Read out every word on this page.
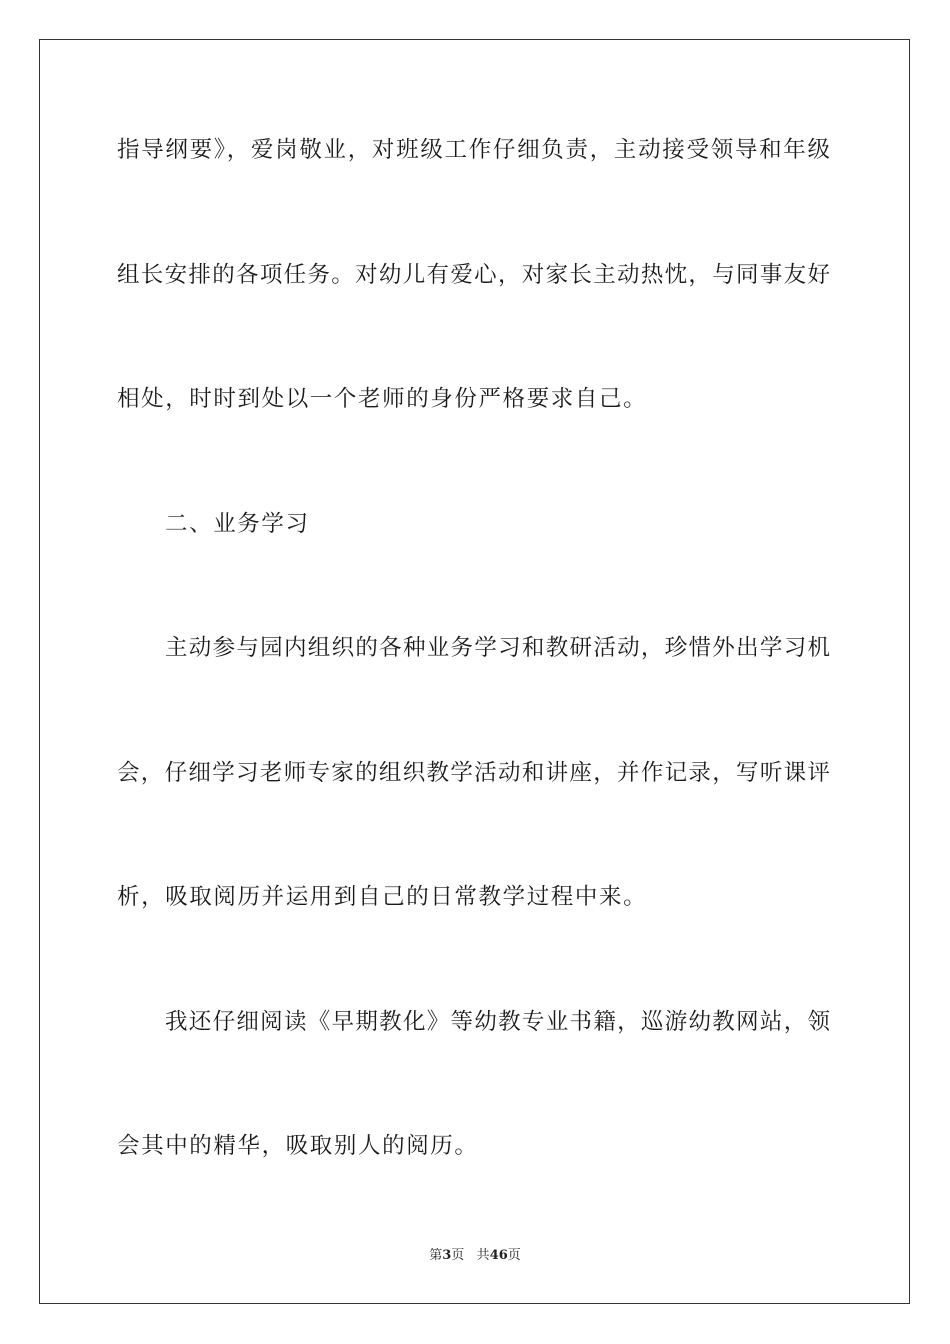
指导纲要》，爱岗敬业，对班级工作仔细负责，主动接受领导和年级
组长安排的各项任务。对幼儿有爱心，对家长主动热忱，与同事友好
相处，时时到处以一个老师的身份严格要求自己。
二、业务学习
主动参与园内组织的各种业务学习和教研活动，珍惜外出学习机
会，仔细学习老师专家的组织教学活动和讲座，并作记录，写听课评
析，吸取阅历并运用到自己的日常教学过程中来。
我还仔细阅读《早期教化》等幼教专业书籍，巡游幼教网站，领
会其中的精华，吸取别人的阅历。
第3页 共46页
